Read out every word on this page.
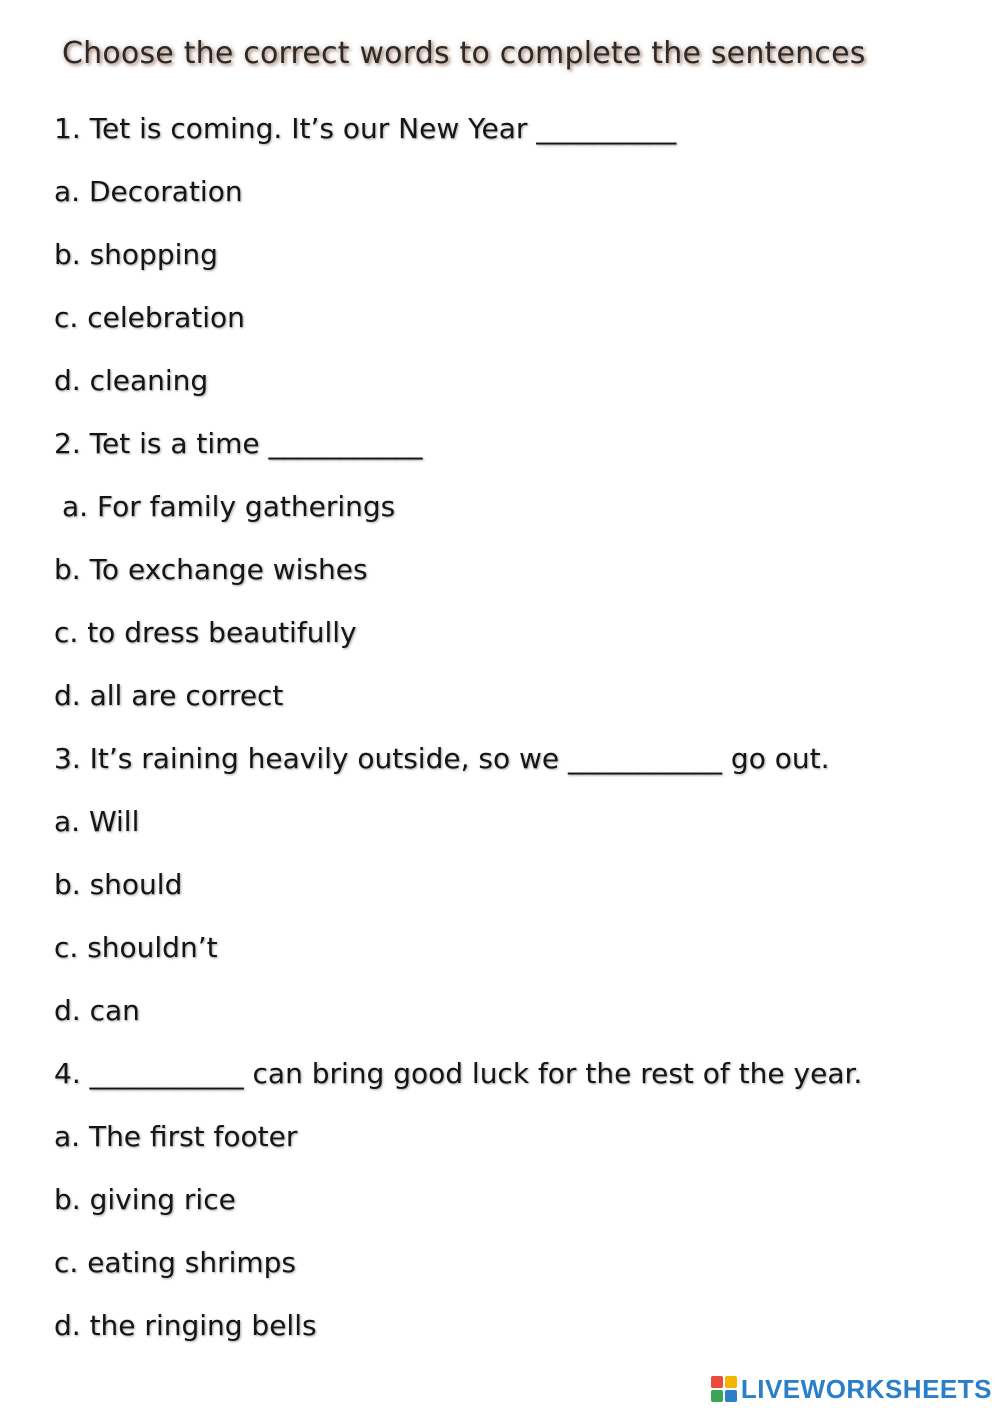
Choose the correct words to complete the sentences
1. Tet is coming. It’s our New Year __________
a. Decoration
b. shopping
c. celebration
d. cleaning
2. Tet is a time ___________
a. For family gatherings
b. To exchange wishes
c. to dress beautifully
d. all are correct
3. It’s raining heavily outside, so we ___________ go out.
a. Will
b. should
c. shouldn’t
d. can
4. ___________ can bring good luck for the rest of the year.
a. The first footer
b. giving rice
c. eating shrimps
d. the ringing bells
LIVEWORKSHEETS
